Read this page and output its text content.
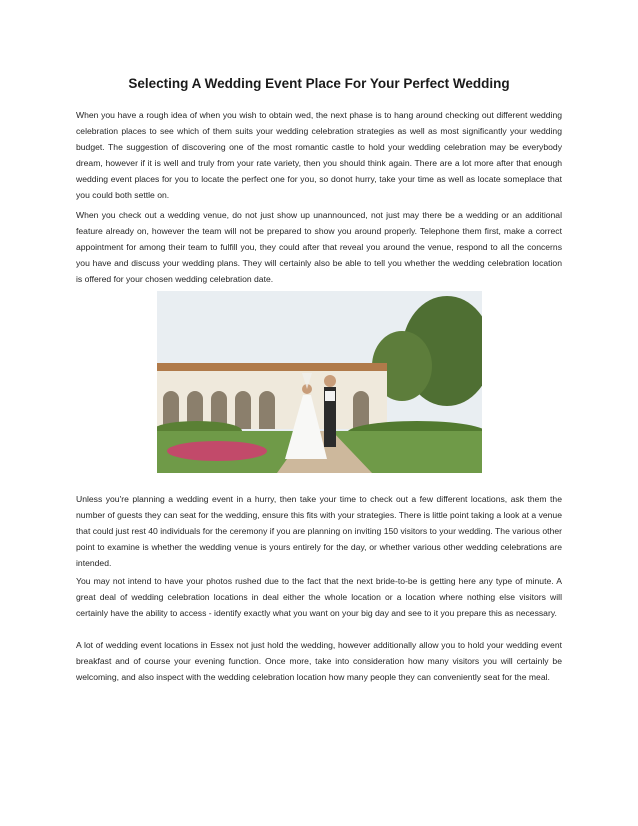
Selecting A Wedding Event Place For Your Perfect Wedding

When you have a rough idea of when you wish to obtain wed, the next phase is to hang around checking out different wedding celebration places to see which of them suits your wedding celebration strategies as well as most significantly your wedding budget. The suggestion of discovering one of the most romantic castle to hold your wedding celebration may be everybody dream, however if it is well and truly from your rate variety, then you should think again. There are a lot more after that enough wedding event places for you to locate the perfect one for you, so donot hurry, take your time as well as locate someplace that you could both settle on.

When you check out a wedding venue, do not just show up unannounced, not just may there be a wedding or an additional feature already on, however the team will not be prepared to show you around properly. Telephone them first, make a correct appointment for among their team to fulfill you, they could after that reveal you around the venue, respond to all the concerns you have and discuss your wedding plans. They will certainly also be able to tell you whether the wedding celebration location is offered for your chosen wedding celebration date.

Unless you're planning a wedding event in a hurry, then take your time to check out a few different locations, ask them the number of guests they can seat for the wedding, ensure this fits with your strategies. There is little point taking a look at a venue that could just rest 40 individuals for the ceremony if you are planning on inviting 150 visitors to your wedding. The various other point to examine is whether the wedding venue is yours entirely for the day, or whether various other wedding celebrations are intended.

You may not intend to have your photos rushed due to the fact that the next bride-to-be is getting here any type of minute. A great deal of wedding celebration locations in deal either the whole location or a location where nothing else visitors will certainly have the ability to access - identify exactly what you want on your big day and see to it you prepare this as necessary.

A lot of wedding event locations in Essex not just hold the wedding, however additionally allow you to hold your wedding event breakfast and of course your evening function. Once more, take into consideration how many visitors you will certainly be welcoming, and also inspect with the wedding celebration location how many people they can conveniently seat for the meal.
